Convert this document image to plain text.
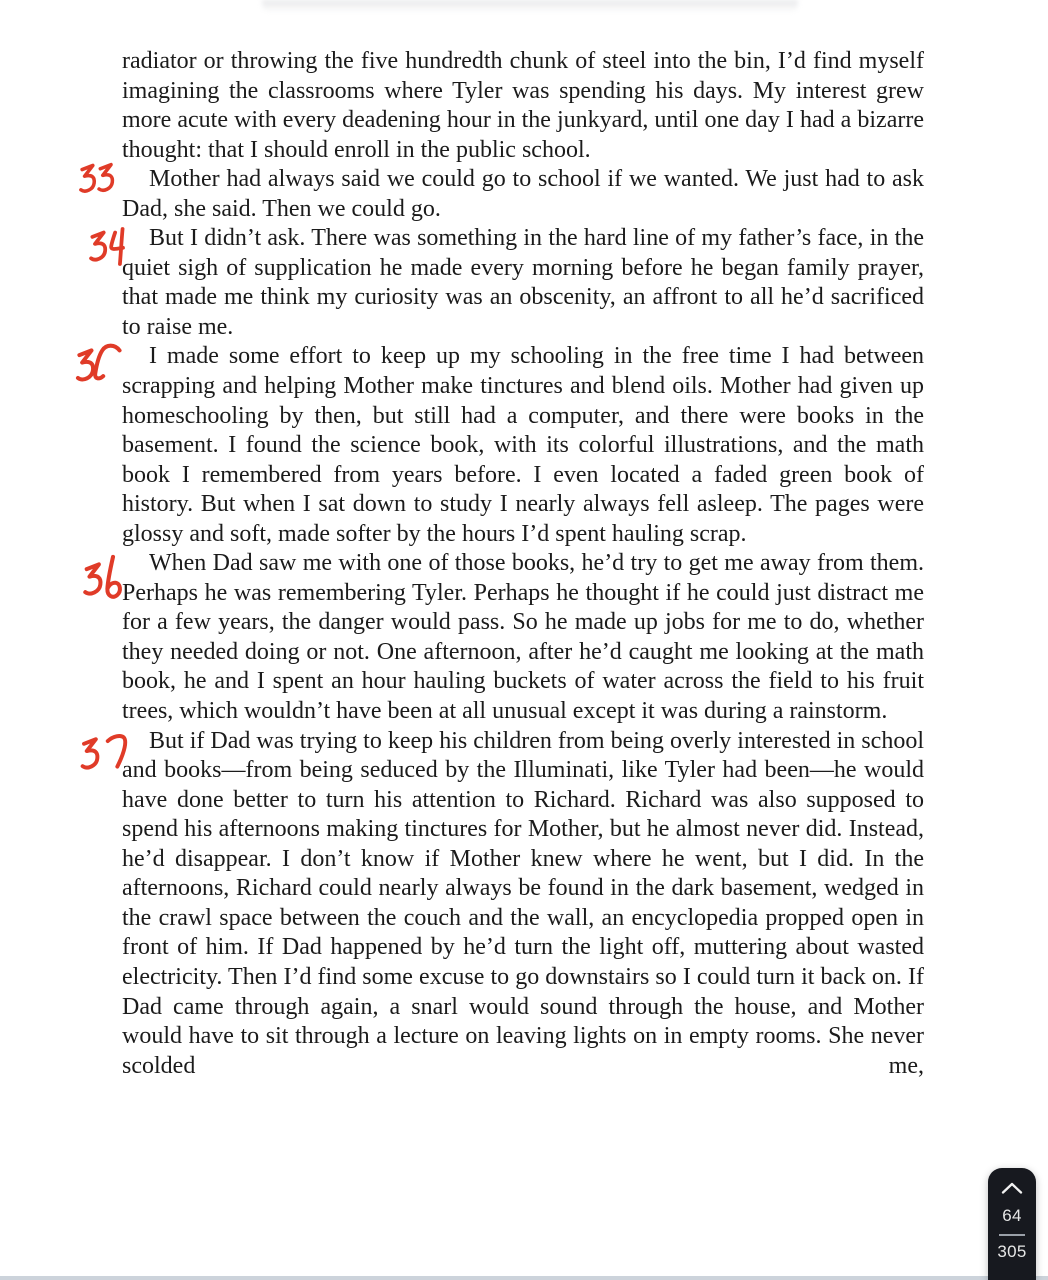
radiator or throwing the five hundredth chunk of steel into the bin, I’d find myself imagining the classrooms where Tyler was spending his days. My interest grew more acute with every deadening hour in the junkyard, until one day I had a bizarre thought: that I should enroll in the public school.

Mother had always said we could go to school if we wanted. We just had to ask Dad, she said. Then we could go.

But I didn’t ask. There was something in the hard line of my father’s face, in the quiet sigh of supplication he made every morning before he began family prayer, that made me think my curiosity was an obscenity, an affront to all he’d sacrificed to raise me.

I made some effort to keep up my schooling in the free time I had between scrapping and helping Mother make tinctures and blend oils. Mother had given up homeschooling by then, but still had a computer, and there were books in the basement. I found the science book, with its colorful illustrations, and the math book I remembered from years before. I even located a faded green book of history. But when I sat down to study I nearly always fell asleep. The pages were glossy and soft, made softer by the hours I’d spent hauling scrap.

When Dad saw me with one of those books, he’d try to get me away from them. Perhaps he was remembering Tyler. Perhaps he thought if he could just distract me for a few years, the danger would pass. So he made up jobs for me to do, whether they needed doing or not. One afternoon, after he’d caught me looking at the math book, he and I spent an hour hauling buckets of water across the field to his fruit trees, which wouldn’t have been at all unusual except it was during a rainstorm.

But if Dad was trying to keep his children from being overly interested in school and books—from being seduced by the Illuminati, like Tyler had been—he would have done better to turn his attention to Richard. Richard was also supposed to spend his afternoons making tinctures for Mother, but he almost never did. Instead, he’d disappear. I don’t know if Mother knew where he went, but I did. In the afternoons, Richard could nearly always be found in the dark basement, wedged in the crawl space between the couch and the wall, an encyclopedia propped open in front of him. If Dad happened by he’d turn the light off, muttering about wasted electricity. Then I’d find some excuse to go downstairs so I could turn it back on. If Dad came through again, a snarl would sound through the house, and Mother would have to sit through a lecture on leaving lights on in empty rooms. She never scolded me,

64
305
